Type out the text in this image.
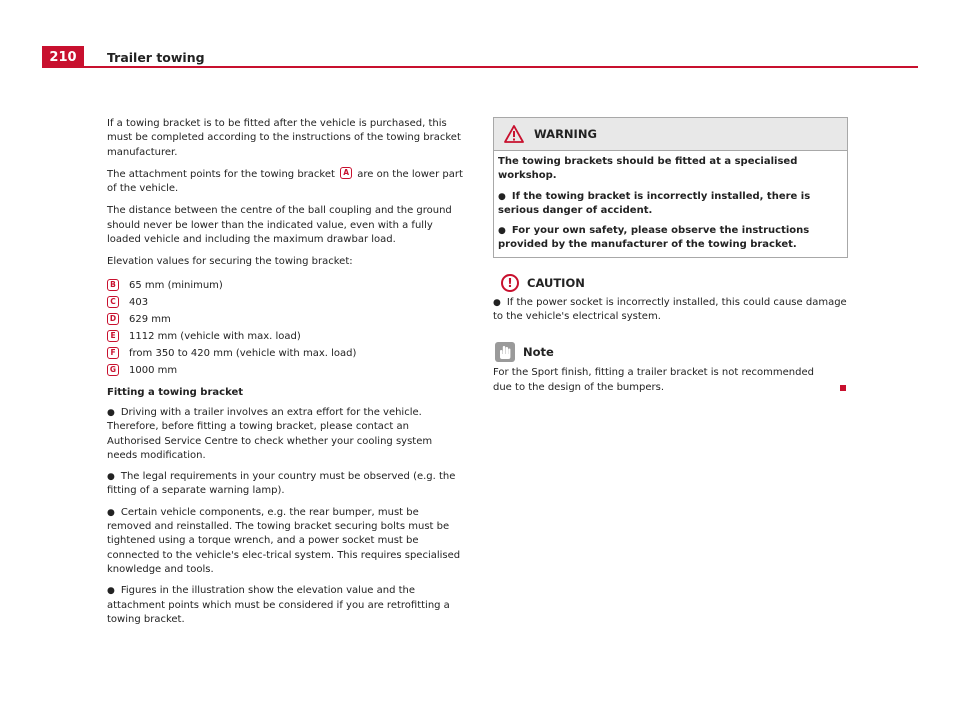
210	Trailer towing

If a towing bracket is to be fitted after the vehicle is purchased, this must be completed according to the instructions of the towing bracket manufacturer.

The attachment points for the towing bracket A are on the lower part of the vehicle.

The distance between the centre of the ball coupling and the ground should never be lower than the indicated value, even with a fully loaded vehicle and including the maximum drawbar load.

Elevation values for securing the towing bracket:

B	65 mm (minimum)
C	403
D 629 mm
E	1112 mm (vehicle with max. load)
F	from 350 to 420 mm (vehicle with max. load)
G 1000 mm
Fitting a towing bracket

● Driving with a trailer involves an extra effort for the vehicle. Therefore, before fitting a towing bracket, please contact an Authorised Service Centre to check whether your cooling system needs modification.

● The legal requirements in your country must be observed (e.g. the fitting of a separate warning lamp).

● Certain vehicle components, e.g. the rear bumper, must be removed and reinstalled. The towing bracket securing bolts must be tightened using a torque wrench, and a power socket must be connected to the vehicle's elec-trical system. This requires specialised knowledge and tools.

● Figures in the illustration show the elevation value and the attachment points which must be considered if you are retrofitting a towing bracket.

WARNING

The towing brackets should be fitted at a specialised workshop.

● If the towing bracket is incorrectly installed, there is serious danger of accident.

● For your own safety, please observe the instructions provided by the manufacturer of the towing bracket.

!	CAUTION

● If the power socket is incorrectly installed, this could cause damage to the vehicle's electrical system.

Note

For the Sport finish, fitting a trailer bracket is not recommended due to the design of the bumpers.
